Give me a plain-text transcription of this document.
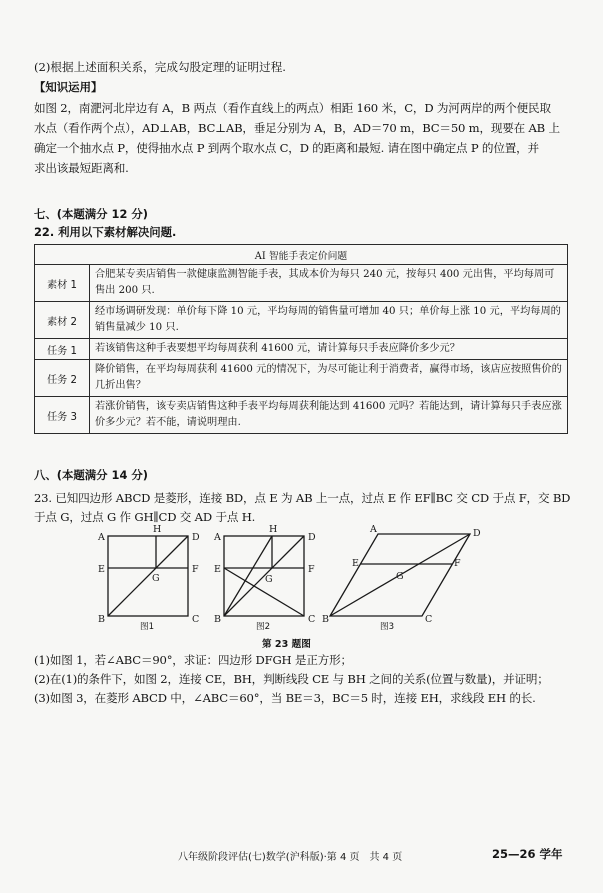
(2)根据上述面积关系，完成勾股定理的证明过程.
【知识运用】
如图 2，南淝河北岸边有 A，B 两点（看作直线上的两点）相距 160 米，C，D 为河两岸的两个便民取
水点（看作两个点），AD⊥AB，BC⊥AB，垂足分别为 A，B，AD＝70 m，BC＝50 m，现要在 AB 上
确定一个抽水点 P，使得抽水点 P 到两个取水点 C，D 的距离和最短. 请在图中确定点 P 的位置，并
求出该最短距离和.
七、(本题满分 12 分)
22. 利用以下素材解决问题.
AI 智能手表定价问题	
素材 1	合肥某专卖店销售一款健康监测智能手表，其成本价为每只 240 元，按每只 400 元出售，平均每周可售出 200 只.
素材 2	经市场调研发现：单价每下降 10 元，平均每周的销售量可增加 40 只；单价每上涨 10 元，平均每周的销售量减少 10 只.
任务 1	若该销售这种手表要想平均每周获利 41600 元，请计算每只手表应降价多少元？
任务 2	降价销售，在平均每周获利 41600 元的情况下，为尽可能让利于消费者，赢得市场，该店应按照售价的几折出售？
任务 3	若涨价销售，该专卖店销售这种手表平均每周获利能达到 41600 元吗？若能达到，请计算每只手表应涨价多少元？若不能，请说明理由.
八、(本题满分 14 分)
23. 已知四边形 ABCD 是菱形，连接 BD，点 E 为 AB 上一点，过点 E 作 EF∥BC 交 CD 于点 F，交 BD
于点 G，过点 G 作 GH∥CD 交 AD 于点 H.
A
H
D
E
G
F
B	C
A
H
D
E
G
F
B	C
A	D
E
G
F
B	C
图1	图2	图3
第 23 题图
(1)如图 1，若∠ABC＝90°，求证：四边形 DFGH 是正方形；
(2)在(1)的条件下，如图 2，连接 CE，BH，判断线段 CE 与 BH 之间的关系(位置与数量)，并证明；
(3)如图 3，在菱形 ABCD 中，∠ABC＝60°，当 BE＝3，BC＝5 时，连接 EH，求线段 EH 的长.
八年级阶段评估(七)数学(沪科版)·第 4 页　共 4 页	25—26 学年
